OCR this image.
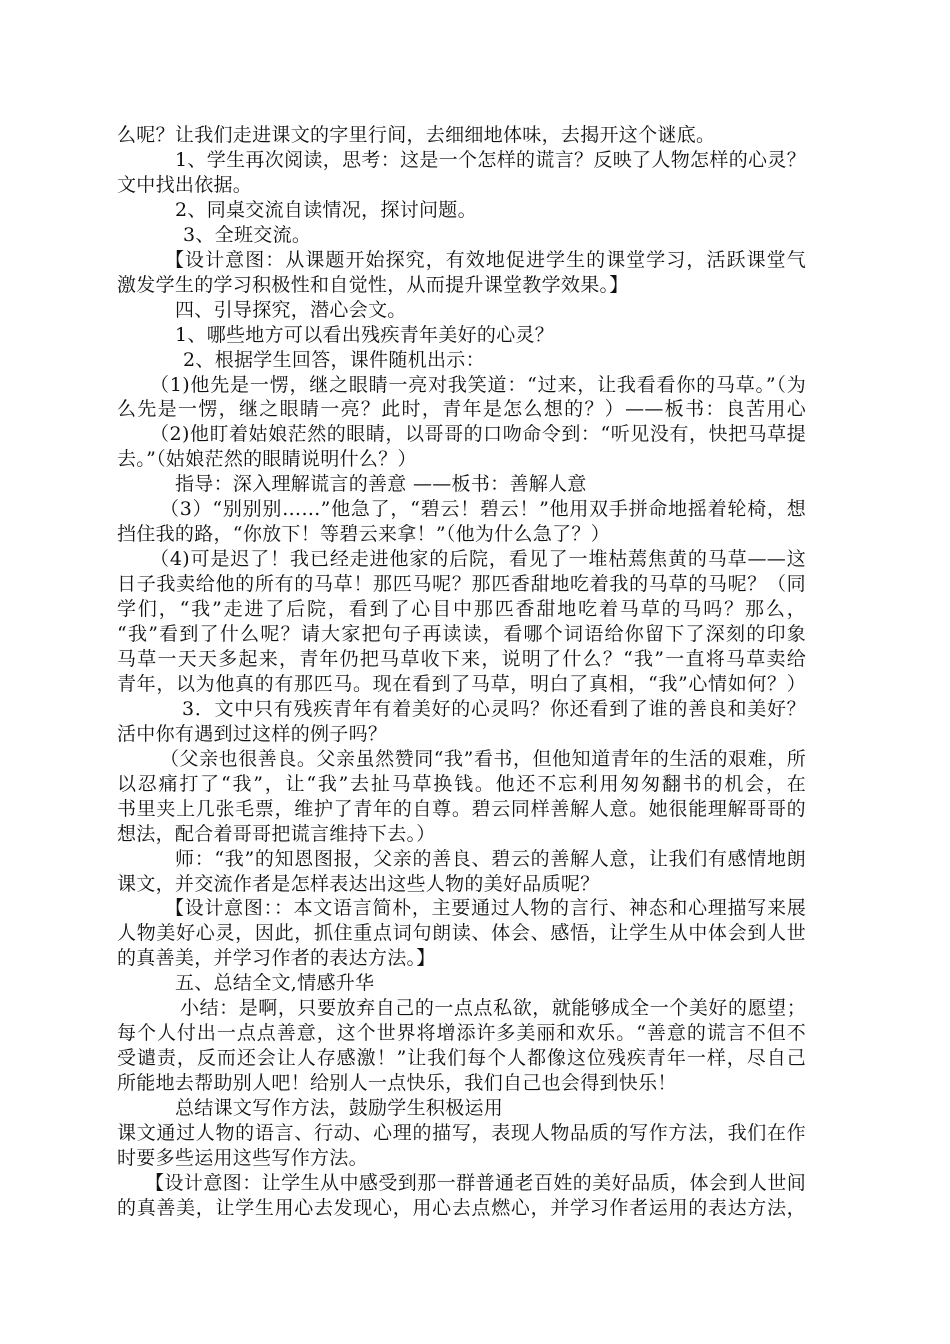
么呢？让我们走进课文的字里行间，去细细地体味，去揭开这个谜底。
1、学生再次阅读，思考：这是一个怎样的谎言？反映了人物怎样的心灵？
文中找出依据。
2、同桌交流自读情况，探讨问题。
3、全班交流。
【设计意图：从课题开始探究，有效地促进学生的课堂学习，活跃课堂气
激发学生的学习积极性和自觉性，从而提升课堂教学效果。】
四、引导探究，潜心会文。
1、哪些地方可以看出残疾青年美好的心灵？
2、根据学生回答，课件随机出示：
（1)他先是一愣，继之眼睛一亮对我笑道：“过来，让我看看你的马草。”（为
么先是一愣，继之眼睛一亮？此时，青年是怎么想的？）——板书：良苦用心
（2)他盯着姑娘茫然的眼睛，以哥哥的口吻命令到：“听见没有，快把马草提
去。”（姑娘茫然的眼睛说明什么？）
指导：深入理解谎言的善意 ——板书：善解人意
（3）“别别别……”他急了，“碧云！碧云！”他用双手拼命地摇着轮椅，想
挡住我的路，“你放下！等碧云来拿！”（他为什么急了？）
（4)可是迟了！我已经走进他家的后院，看见了一堆枯蔫焦黄的马草——这
日子我卖给他的所有的马草！那匹马呢？那匹香甜地吃着我的马草的马呢？（同
学们，“我”走进了后院，看到了心目中那匹香甜地吃着马草的马吗？那么，
“我”看到了什么呢？请大家把句子再读读，看哪个词语给你留下了深刻的印象
马草一天天多起来，青年仍把马草收下来，说明了什么？“我”一直将马草卖给
青年，以为他真的有那匹马。现在看到了马草，明白了真相，“我”心情如何？）
3．文中只有残疾青年有着美好的心灵吗？你还看到了谁的善良和美好？
活中你有遇到过这样的例子吗？
（父亲也很善良。父亲虽然赞同“我”看书，但他知道青年的生活的艰难，所
以忍痛打了“我”，让“我”去扯马草换钱。他还不忘利用匆匆翻书的机会，在
书里夹上几张毛票，维护了青年的自尊。碧云同样善解人意。她很能理解哥哥的
想法，配合着哥哥把谎言维持下去。）
师：“我”的知恩图报，父亲的善良、碧云的善解人意，让我们有感情地朗
课文，并交流作者是怎样表达出这些人物的美好品质呢？
【设计意图：：本文语言简朴，主要通过人物的言行、神态和心理描写来展
人物美好心灵，因此，抓住重点词句朗读、体会、感悟，让学生从中体会到人世
的真善美，并学习作者的表达方法。】
五、总结全文,情感升华
小结：是啊，只要放弃自己的一点点私欲，就能够成全一个美好的愿望；
每个人付出一点点善意，这个世界将增添许多美丽和欢乐。“善意的谎言不但不
受谴责，反而还会让人存感激！”让我们每个人都像这位残疾青年一样，尽自己
所能地去帮助别人吧！给别人一点快乐，我们自己也会得到快乐！
总结课文写作方法，鼓励学生积极运用
课文通过人物的语言、行动、心理的描写，表现人物品质的写作方法，我们在作
时要多些运用这些写作方法。
【设计意图：让学生从中感受到那一群普通老百姓的美好品质，体会到人世间
的真善美，让学生用心去发现心，用心去点燃心，并学习作者运用的表达方法，
